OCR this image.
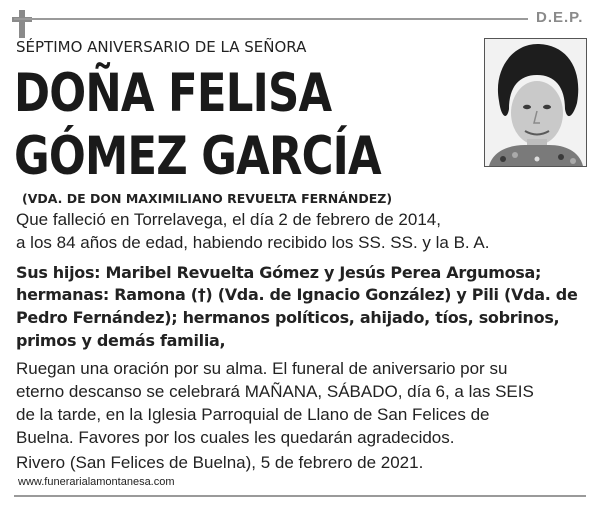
D.E.P.
SÉPTIMO ANIVERSARIO DE LA SEÑORA
DOÑA FELISA
GÓMEZ GARCÍA
(VDA. DE DON MAXIMILIANO REVUELTA FERNÁNDEZ)
Que falleció en Torrelavega, el día 2 de febrero de 2014,
a los 84 años de edad, habiendo recibido los SS. SS. y la B. A.
Sus hijos: Maribel Revuelta Gómez y Jesús Perea Argumosa;
hermanas: Ramona (†) (Vda. de Ignacio González) y Pili (Vda. de
Pedro Fernández); hermanos políticos, ahijado, tíos, sobrinos,
primos y demás familia,
Ruegan una oración por su alma. El funeral de aniversario por su
eterno descanso se celebrará MAÑANA, SÁBADO, día 6, a las SEIS
de la tarde, en la Iglesia Parroquial de Llano de San Felices de
Buelna. Favores por los cuales les quedarán agradecidos.
Rivero (San Felices de Buelna), 5 de febrero de 2021.
www.funerarialamontanesa.com
